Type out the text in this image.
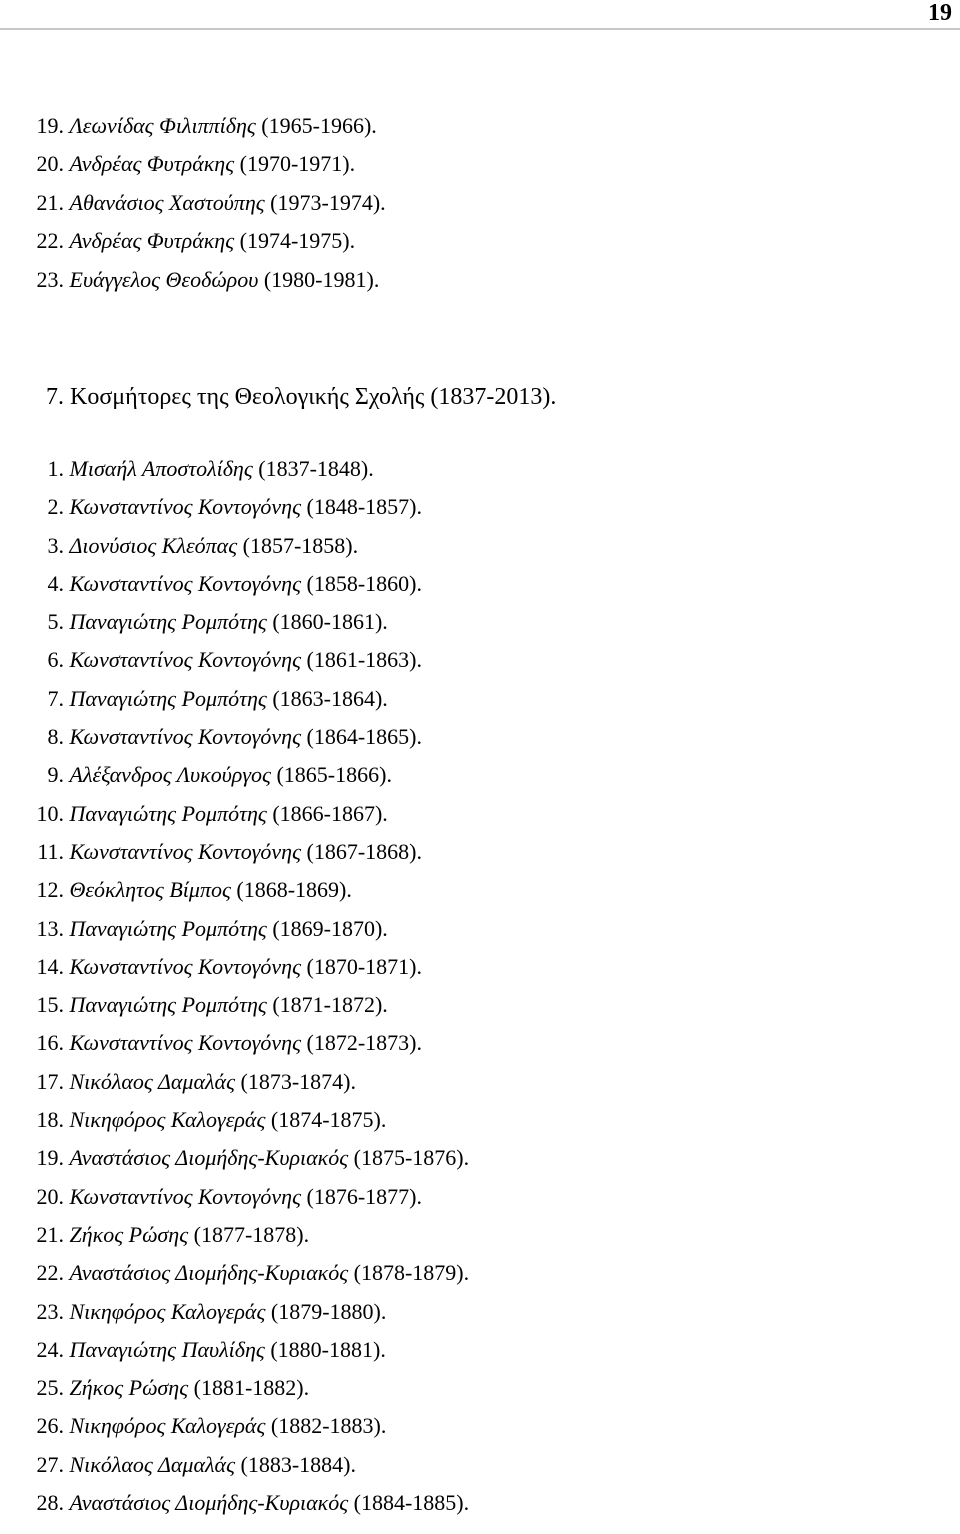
19
19. Λεωνίδας Φιλιππίδης (1965-1966).
20. Ανδρέας Φυτράκης (1970-1971).
21. Αθανάσιος Χαστούπης (1973-1974).
22. Ανδρέας Φυτράκης (1974-1975).
23. Ευάγγελος Θεοδώρου (1980-1981).
7. Κοσμήτορες της Θεολογικής Σχολής (1837-2013).
1. Μισαήλ Αποστολίδης (1837-1848).
2. Κωνσταντίνος Κοντογόνης (1848-1857).
3. Διονύσιος Κλεόπας (1857-1858).
4. Κωνσταντίνος Κοντογόνης (1858-1860).
5. Παναγιώτης Ρομπότης (1860-1861).
6. Κωνσταντίνος Κοντογόνης (1861-1863).
7. Παναγιώτης Ρομπότης (1863-1864).
8. Κωνσταντίνος Κοντογόνης (1864-1865).
9. Αλέξανδρος Λυκούργος (1865-1866).
10. Παναγιώτης Ρομπότης (1866-1867).
11. Κωνσταντίνος Κοντογόνης (1867-1868).
12. Θεόκλητος Βίμπος (1868-1869).
13. Παναγιώτης Ρομπότης (1869-1870).
14. Κωνσταντίνος Κοντογόνης (1870-1871).
15. Παναγιώτης Ρομπότης (1871-1872).
16. Κωνσταντίνος Κοντογόνης (1872-1873).
17. Νικόλαος Δαμαλάς (1873-1874).
18. Νικηφόρος Καλογεράς (1874-1875).
19. Αναστάσιος Διομήδης-Κυριακός (1875-1876).
20. Κωνσταντίνος Κοντογόνης (1876-1877).
21. Ζήκος Ρώσης (1877-1878).
22. Αναστάσιος Διομήδης-Κυριακός (1878-1879).
23. Νικηφόρος Καλογεράς (1879-1880).
24. Παναγιώτης Παυλίδης (1880-1881).
25. Ζήκος Ρώσης (1881-1882).
26. Νικηφόρος Καλογεράς (1882-1883).
27. Νικόλαος Δαμαλάς (1883-1884).
28. Αναστάσιος Διομήδης-Κυριακός (1884-1885).
